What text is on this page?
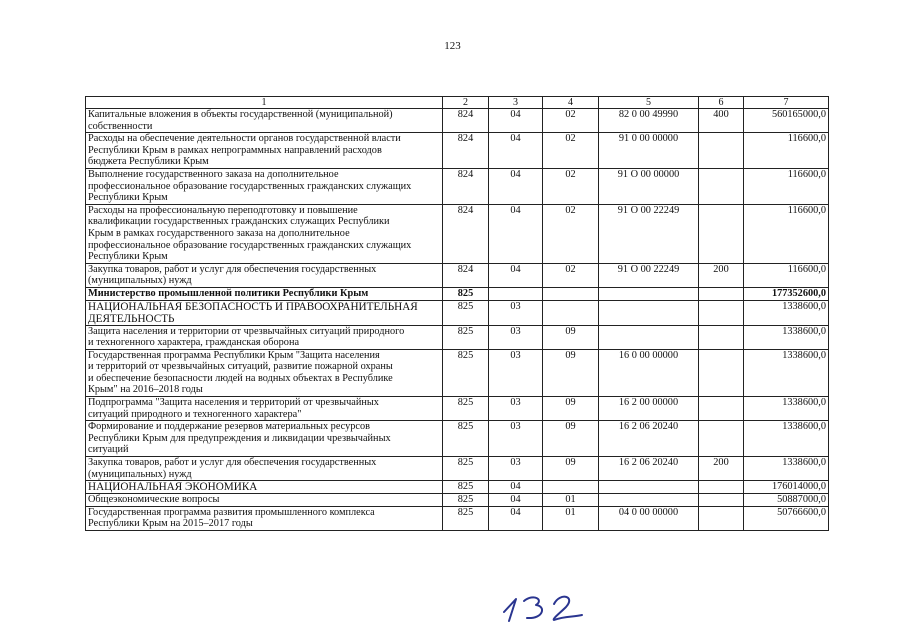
123
1	2	3	4	5	6	7

Капитальные вложения в объекты государственной (муниципальной)
собственности	824	04	02	82 0 00 49990	400	560165000,0

Расходы на обеспечение деятельности органов государственной власти
Республики Крым в рамках непрограммных направлений расходов
бюджета Республики Крым	824	04	02	91 0 00 00000		116600,0

Выполнение государственного заказа на дополнительное
профессиональное образование государственных гражданских служащих
Республики Крым	824	04	02	91 О 00 00000		116600,0

Расходы на профессиональную переподготовку и повышение
квалификации государственных гражданских служащих Республики
Крым в рамках государственного заказа на дополнительное
профессиональное образование государственных гражданских служащих
Республики Крым	824	04	02	91 О 00 22249		116600,0

Закупка товаров, работ и услуг для обеспечения государственных
(муниципальных) нужд	824	04	02	91 О 00 22249	200	116600,0

Министерство промышленной политики Республики Крым	825					177352600,0

НАЦИОНАЛЬНАЯ БЕЗОПАСНОСТЬ И ПРАВООХРАНИТЕЛЬНАЯ
ДЕЯТЕЛЬНОСТЬ	825	03				1338600,0

Защита населения и территории от чрезвычайных ситуаций природного
и техногенного характера, гражданская оборона	825	03	09			1338600,0

Государственная программа Республики Крым "Защита населения
и территорий от чрезвычайных ситуаций, развитие пожарной охраны
и обеспечение безопасности людей на водных объектах в Республике
Крым" на 2016–2018 годы	825	03	09	16 0 00 00000		1338600,0

Подпрограмма "Защита населения и территорий от чрезвычайных
ситуаций природного и техногенного характера"	825	03	09	16 2 00 00000		1338600,0

Формирование и поддержание резервов материальных ресурсов
Республики Крым для предупреждения и ликвидации чрезвычайных
ситуаций	825	03	09	16 2 06 20240		1338600,0

Закупка товаров, работ и услуг для обеспечения государственных
(муниципальных) нужд	825	03	09	16 2 06 20240	200	1338600,0

НАЦИОНАЛЬНАЯ ЭКОНОМИКА	825	04				176014000,0

Общеэкономические вопросы	825	04	01			50887000,0

Государственная программа развития промышленного комплекса
Республики Крым на 2015–2017 годы	825	04	01	04 0 00 00000		50766600,0
